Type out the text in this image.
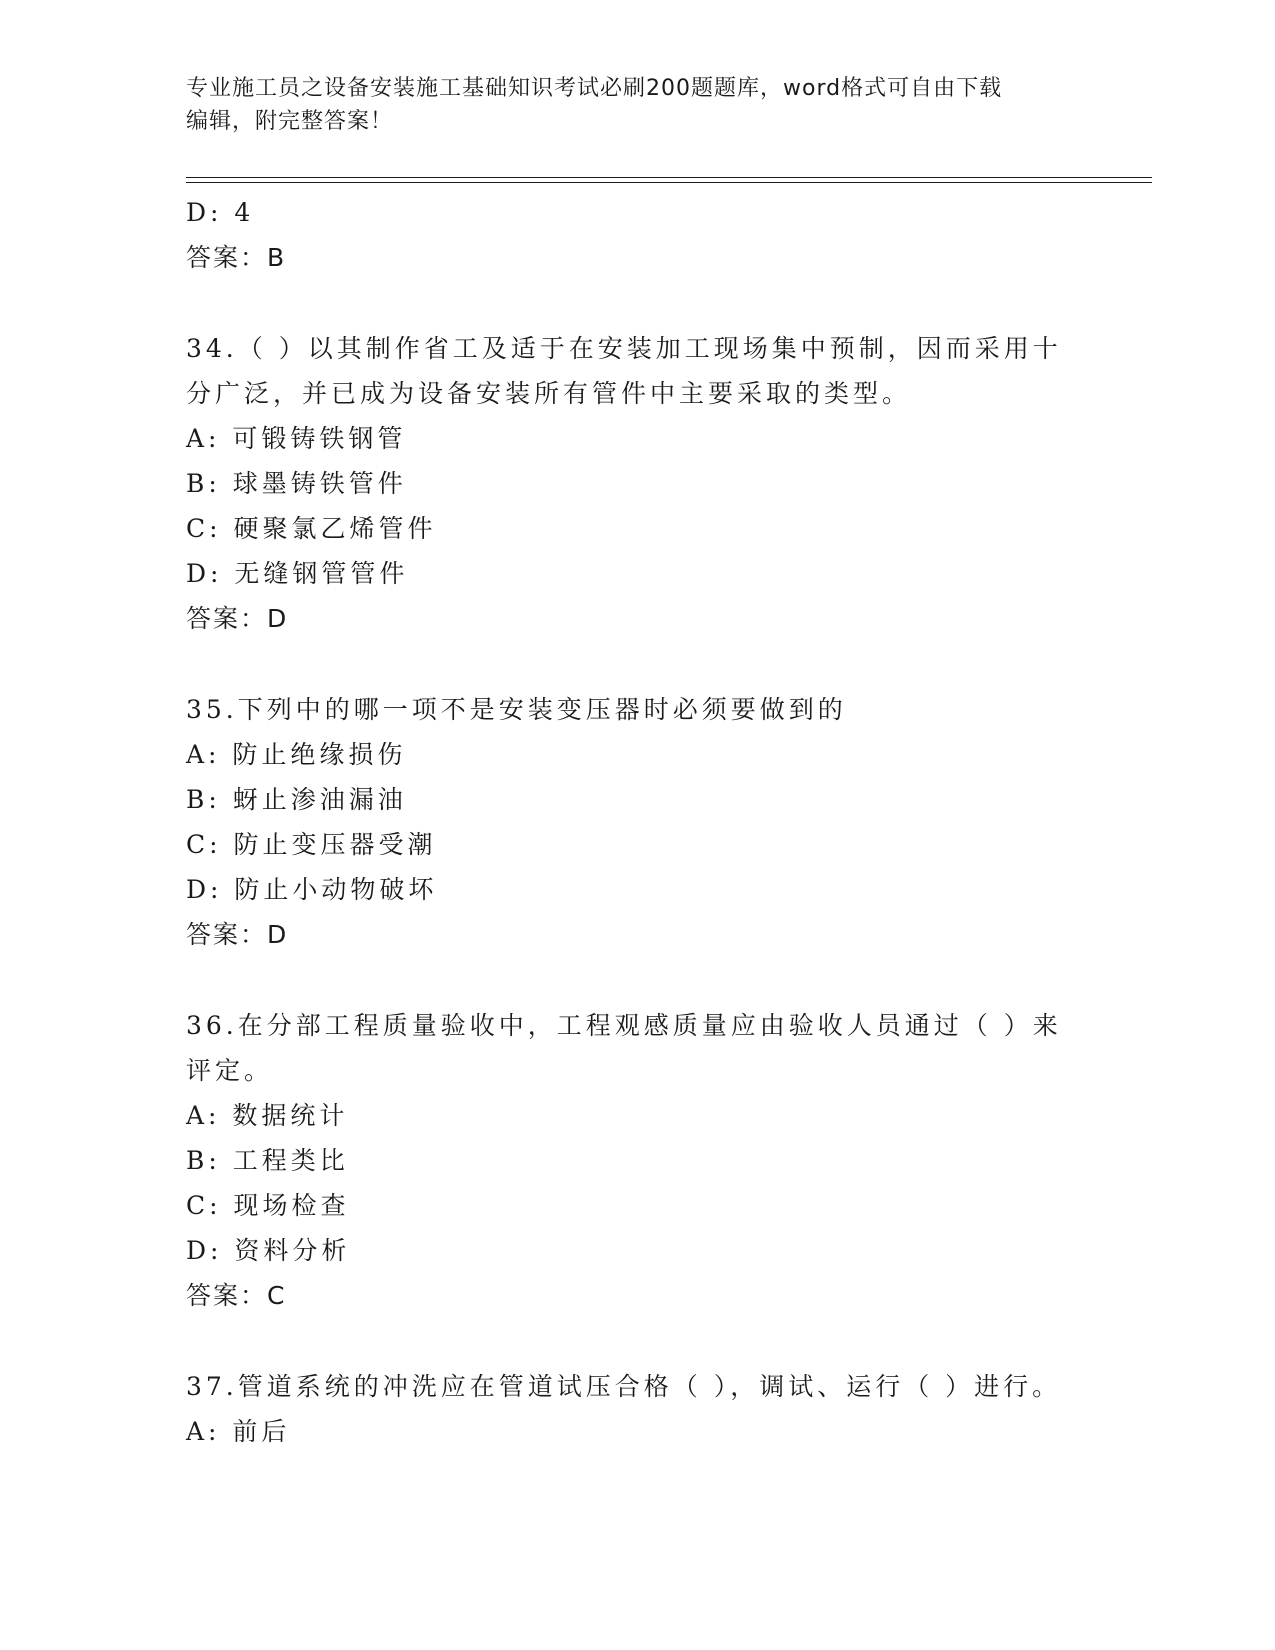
专业施工员之设备安装施工基础知识考试必刷200题题库，word格式可自由下载
编辑，附完整答案！
D: 4
答案：B
34.（ ）以其制作省工及适于在安装加工现场集中预制，因而采用十
分广泛，并已成为设备安装所有管件中主要采取的类型。
A: 可锻铸铁钢管
B: 球墨铸铁管件
C: 硬聚氯乙烯管件
D: 无缝钢管管件
答案：D
35.下列中的哪一项不是安装变压器时必须要做到的
A: 防止绝缘损伤
B: 蚜止渗油漏油
C: 防止变压器受潮
D: 防止小动物破坏
答案：D
36.在分部工程质量验收中，工程观感质量应由验收人员通过（ ）来
评定。
A: 数据统计
B: 工程类比
C: 现场检查
D: 资料分析
答案：C
37.管道系统的冲洗应在管道试压合格（ ），调试、运行（ ）进行。
A: 前后
